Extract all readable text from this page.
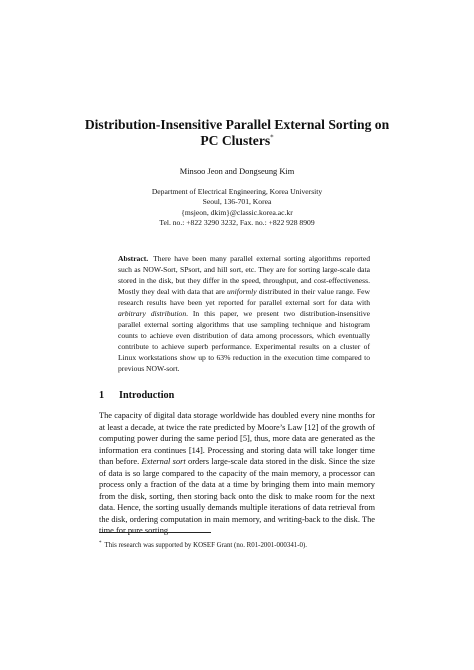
Distribution-Insensitive Parallel External Sorting on
PC Clusters*
Minsoo Jeon and Dongseung Kim
Department of Electrical Engineering, Korea University
Seoul, 136-701, Korea
{msjeon, dkim}@classic.korea.ac.kr
Tel. no.: +822 3290 3232, Fax. no.: +822 928 8909
Abstract. There have been many parallel external sorting algorithms reported such as NOW-Sort, SPsort, and hill sort, etc. They are for sorting large-scale data stored in the disk, but they differ in the speed, throughput, and cost-effectiveness. Mostly they deal with data that are uniformly distributed in their value range. Few research results have been yet reported for parallel external sort for data with arbitrary distribution. In this paper, we present two distribution-insensitive parallel external sorting algorithms that use sampling technique and histogram counts to achieve even distribution of data among processors, which eventually contribute to achieve superb performance. Experimental results on a cluster of Linux workstations show up to 63% reduction in the execution time compared to previous NOW-sort.
1 Introduction
The capacity of digital data storage worldwide has doubled every nine months for at least a decade, at twice the rate predicted by Moore’s Law [12] of the growth of computing power during the same period [5], thus, more data are generated as the information era continues [14]. Processing and storing data will take longer time than before. External sort orders large-scale data stored in the disk. Since the size of data is so large compared to the capacity of the main memory, a processor can process only a fraction of the data at a time by bringing them into main memory from the disk, sorting, then storing back onto the disk to make room for the next data. Hence, the sorting usually demands multiple iterations of data retrieval from the disk, ordering computation in main memory, and writing-back to the disk. The time for pure sorting
* This research was supported by KOSEF Grant (no. R01-2001-000341-0).
